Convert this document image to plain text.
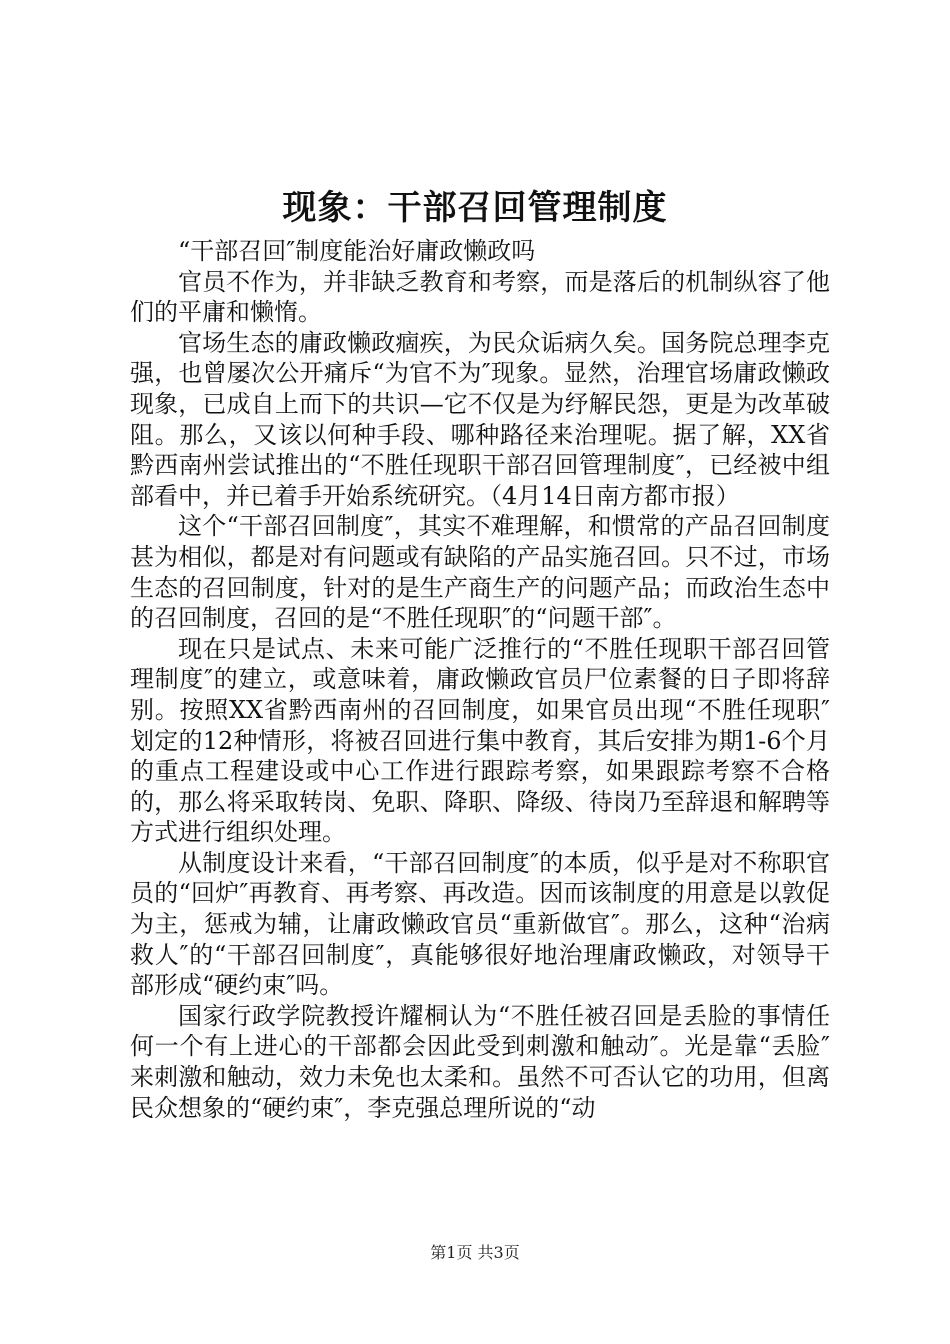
现象：干部召回管理制度

“干部召回″制度能治好庸政懒政吗

官员不作为，并非缺乏教育和考察，而是落后的机制纵容了他们的平庸和懒惰。

官场生态的庸政懒政痼疾，为民众诟病久矣。国务院总理李克强，也曾屡次公开痛斥“为官不为″现象。显然，治理官场庸政懒政现象，已成自上而下的共识—它不仅是为纾解民怨，更是为改革破阻。那么，又该以何种手段、哪种路径来治理呢。据了解，XX省黔西南州尝试推出的“不胜任现职干部召回管理制度″，已经被中组部看中，并已着手开始系统研究。（4月14日南方都市报）

这个“干部召回制度″，其实不难理解，和惯常的产品召回制度甚为相似，都是对有问题或有缺陷的产品实施召回。只不过，市场生态的召回制度，针对的是生产商生产的问题产品；而政治生态中的召回制度，召回的是“不胜任现职″的“问题干部″。

现在只是试点、未来可能广泛推行的“不胜任现职干部召回管理制度″的建立，或意味着，庸政懒政官员尸位素餐的日子即将辞别。按照XX省黔西南州的召回制度，如果官员出现“不胜任现职″划定的12种情形，将被召回进行集中教育，其后安排为期1-6个月的重点工程建设或中心工作进行跟踪考察，如果跟踪考察不合格的，那么将采取转岗、免职、降职、降级、待岗乃至辞退和解聘等方式进行组织处理。

从制度设计来看，“干部召回制度″的本质，似乎是对不称职官员的“回炉″再教育、再考察、再改造。因而该制度的用意是以敦促为主，惩戒为辅，让庸政懒政官员“重新做官″。那么，这种“治病救人″的“干部召回制度″，真能够很好地治理庸政懒政，对领导干部形成“硬约束″吗。

国家行政学院教授许耀桐认为“不胜任被召回是丢脸的事情任何一个有上进心的干部都会因此受到刺激和触动″。光是靠“丢脸″来刺激和触动，效力未免也太柔和。虽然不可否认它的功用，但离民众想象的“硬约束″，李克强总理所说的“动

第1页 共3页
